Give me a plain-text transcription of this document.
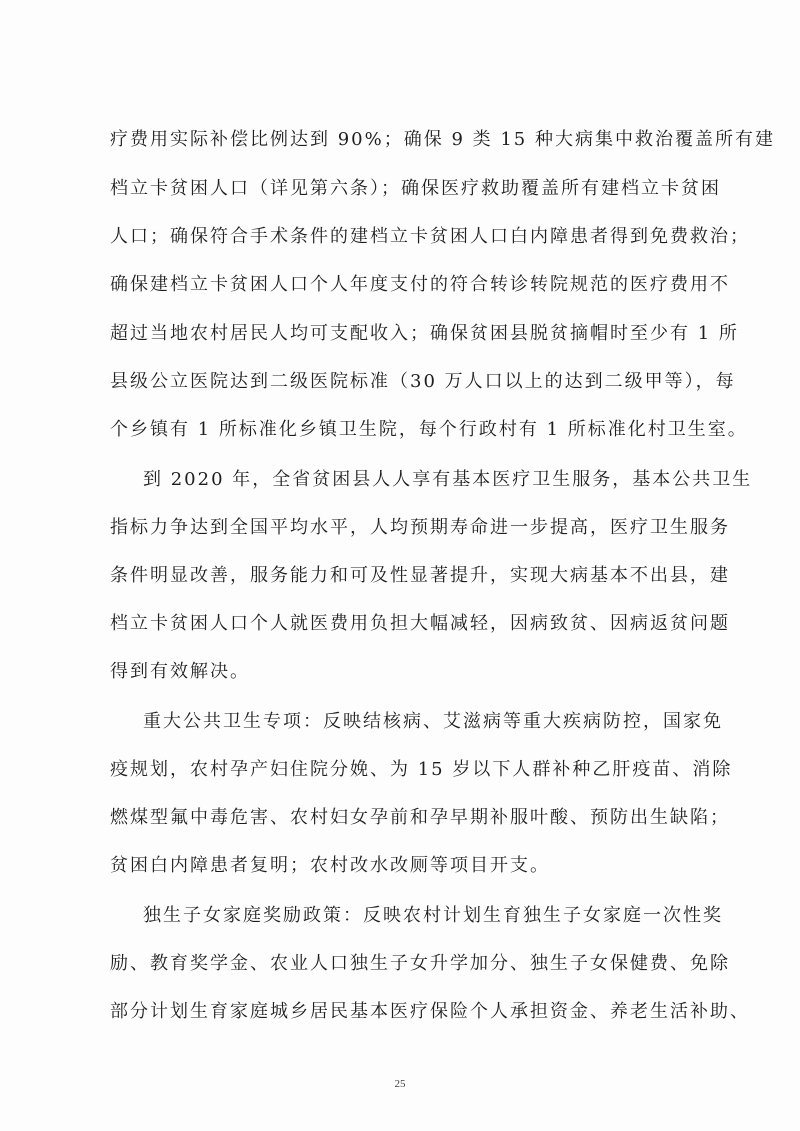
疗费用实际补偿比例达到 90%；确保 9 类 15 种大病集中救治覆盖所有建
档立卡贫困人口（详见第六条）；确保医疗救助覆盖所有建档立卡贫困
人口；确保符合手术条件的建档立卡贫困人口白内障患者得到免费救治；
确保建档立卡贫困人口个人年度支付的符合转诊转院规范的医疗费用不
超过当地农村居民人均可支配收入；确保贫困县脱贫摘帽时至少有 1 所
县级公立医院达到二级医院标准（30 万人口以上的达到二级甲等），每
个乡镇有 1 所标准化乡镇卫生院，每个行政村有 1 所标准化村卫生室。
到 2020 年，全省贫困县人人享有基本医疗卫生服务，基本公共卫生
指标力争达到全国平均水平，人均预期寿命进一步提高，医疗卫生服务
条件明显改善，服务能力和可及性显著提升，实现大病基本不出县，建
档立卡贫困人口个人就医费用负担大幅减轻，因病致贫、因病返贫问题
得到有效解决。
重大公共卫生专项：反映结核病、艾滋病等重大疾病防控，国家免
疫规划，农村孕产妇住院分娩、为 15 岁以下人群补种乙肝疫苗、消除
燃煤型氟中毒危害、农村妇女孕前和孕早期补服叶酸、预防出生缺陷；
贫困白内障患者复明；农村改水改厕等项目开支。
独生子女家庭奖励政策：反映农村计划生育独生子女家庭一次性奖
励、教育奖学金、农业人口独生子女升学加分、独生子女保健费、免除
部分计划生育家庭城乡居民基本医疗保险个人承担资金、养老生活补助、
25
